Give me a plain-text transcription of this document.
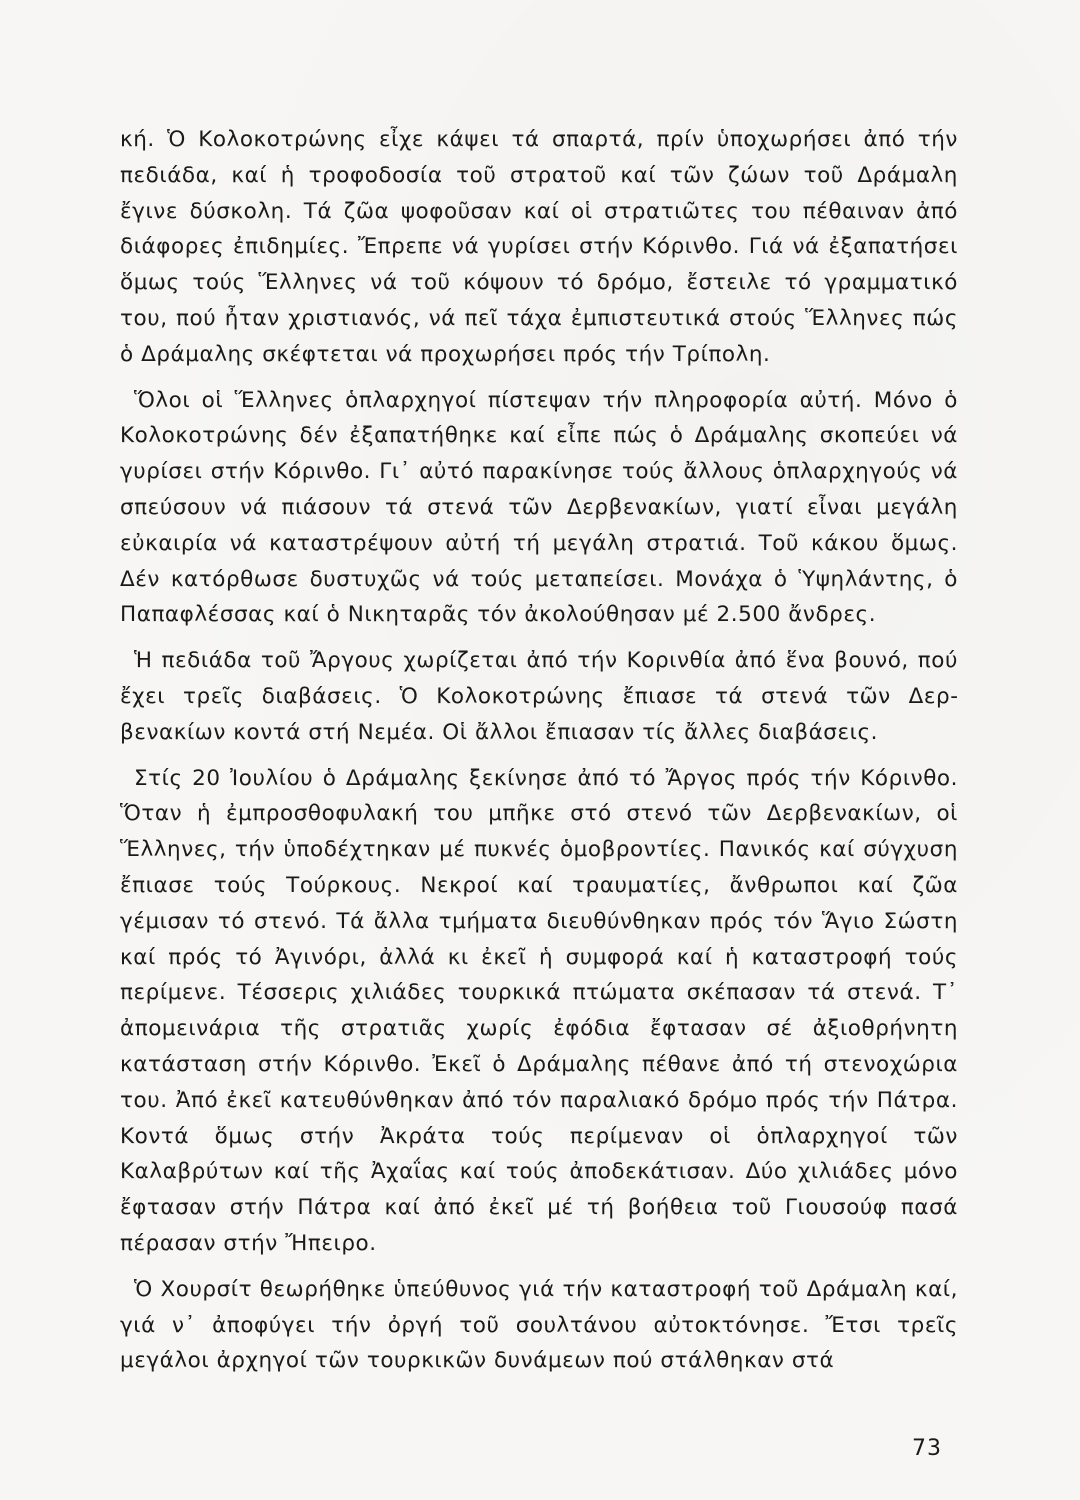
κή. Ὁ Κολοκοτρώνης εἶχε κάψει τά σπαρτά, πρίν ὑποχωρήσει ἀπό τήν πεδιάδα, καί ἡ τροφοδοσία τοῦ στρατοῦ καί τῶν ζώων τοῦ Δράμαλη ἔγινε δύσκολη. Τά ζῶα ψοφοῦσαν καί οἱ στρατιῶτες του πέθαιναν ἀπό διάφορες ἐπιδημίες. Ἔπρεπε νά γυρίσει στήν Κόρινθο. Γιά νά ἐξαπατήσει ὅμως τούς Ἕλληνες νά τοῦ κόψουν τό δρόμο, ἔστειλε τό γραμματικό του, πού ἦταν χριστιανός, νά πεῖ τάχα ἐμπιστευτικά στούς Ἕλληνες πώς ὁ Δράμαλης σκέφτεται νά προχωρήσει πρός τήν Τρίπολη.

Ὅλοι οἱ Ἕλληνες ὁπλαρχηγοί πίστεψαν τήν πληροφορία αὐτή. Μόνο ὁ Κολοκοτρώνης δέν ἐξαπατήθηκε καί εἶπε πώς ὁ Δράμαλης σκοπεύει νά γυρίσει στήν Κόρινθο. Γι᾽ αὐτό παρακίνησε τούς ἄλλους ὁπλαρχηγούς νά σπεύσουν νά πιάσουν τά στενά τῶν Δερβενακίων, γιατί εἶναι μεγάλη εὐκαιρία νά καταστρέψουν αὐτή τή μεγάλη στρατιά. Τοῦ κάκου ὅμως. Δέν κατόρθωσε δυστυχῶς νά τούς μεταπείσει. Μονάχα ὁ Ὑψηλάντης, ὁ Παπαφλέσσας καί ὁ Νικηταρᾶς τόν ἀκολούθησαν μέ 2.500 ἄνδρες.

Ἡ πεδιάδα τοῦ Ἄργους χωρίζεται ἀπό τήν Κορινθία ἀπό ἕνα βουνό, πού ἔχει τρεῖς διαβάσεις. Ὁ Κολοκοτρώνης ἔπιασε τά στενά τῶν Δερβενακίων κοντά στή Νεμέα. Οἱ ἄλλοι ἔπιασαν τίς ἄλλες διαβάσεις.

Στίς 20 Ἰουλίου ὁ Δράμαλης ξεκίνησε ἀπό τό Ἄργος πρός τήν Κόρινθο. Ὅταν ἡ ἐμπροσθοφυλακή του μπῆκε στό στενό τῶν Δερβενακίων, οἱ Ἕλληνες, τήν ὑποδέχτηκαν μέ πυκνές ὁμοβροντίες. Πανικός καί σύγχυση ἔπιασε τούς Τούρκους. Νεκροί καί τραυματίες, ἄνθρωποι καί ζῶα γέμισαν τό στενό. Τά ἄλλα τμήματα διευθύνθηκαν πρός τόν Ἅγιο Σώστη καί πρός τό Ἀγινόρι, ἀλλά κι ἐκεῖ ἡ συμφορά καί ἡ καταστροφή τούς περίμενε. Τέσσερις χιλιάδες τουρκικά πτώματα σκέπασαν τά στενά. Τ᾽ ἀπομεινάρια τῆς στρατιᾶς χωρίς ἐφόδια ἔφτασαν σέ ἀξιοθρήνητη κατάσταση στήν Κόρινθο. Ἐκεῖ ὁ Δράμαλης πέθανε ἀπό τή στενοχώρια του. Ἀπό ἐκεῖ κατευθύνθηκαν ἀπό τόν παραλιακό δρόμο πρός τήν Πάτρα. Κοντά ὅμως στήν Ἀκράτα τούς περίμεναν οἱ ὁπλαρχηγοί τῶν Καλαβρύτων καί τῆς Ἀχαΐας καί τούς ἀποδεκάτισαν. Δύο χιλιάδες μόνο ἔφτασαν στήν Πάτρα καί ἀπό ἐκεῖ μέ τή βοήθεια τοῦ Γιουσούφ πασά πέρασαν στήν Ἤπειρο.

Ὁ Χουρσίτ θεωρήθηκε ὑπεύθυνος γιά τήν καταστροφή τοῦ Δράμαλη καί, γιά ν᾽ ἀποφύγει τήν ὀργή τοῦ σουλτάνου αὐτοκτόνησε. Ἔτσι τρεῖς μεγάλοι ἀρχηγοί τῶν τουρκικῶν δυνάμεων πού στάλθηκαν στά

73
